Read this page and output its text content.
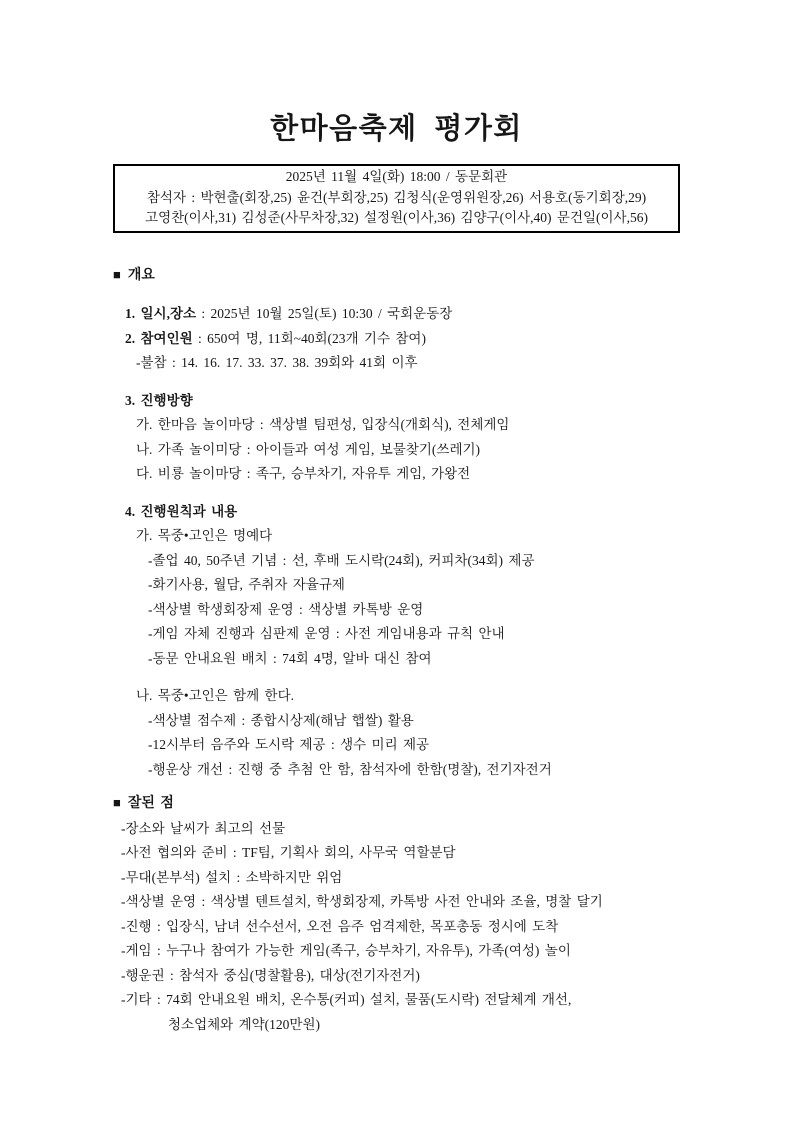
한마음축제 평가회
2025년 11월 4일(화) 18:00 / 동문회관
참석자 : 박현출(회장,25) 윤건(부회장,25) 김청식(운영위원장,26) 서용호(동기회장,29)
고영찬(이사,31) 김성준(사무차장,32) 설정원(이사,36) 김양구(이사,40) 문건일(이사,56)
■ 개요
1. 일시,장소 : 2025년 10월 25일(토) 10:30 / 국회운동장
2. 참여인원 : 650여 명, 11회~40회(23개 기수 참여)
-불참 : 14. 16. 17. 33. 37. 38. 39회와 41회 이후
3. 진행방향
가. 한마음 놀이마당 : 색상별 팀편성, 입장식(개회식), 전체게임
나. 가족 놀이미당 : 아이들과 여성 게임, 보물찾기(쓰레기)
다. 비룡 놀이마당 : 족구, 승부차기, 자유투 게임, 가왕전
4. 진행원칙과 내용
가. 목중•고인은 명예다
-졸업 40, 50주년 기념 : 선, 후배 도시락(24회), 커피차(34회) 제공
-화기사용, 월담, 주취자 자율규제
-색상별 학생회장제 운영 : 색상별 카톡방 운영
-게임 자체 진행과 심판제 운영 : 사전 게임내용과 규칙 안내
-동문 안내요원 배치 : 74회 4명, 알바 대신 참여
나. 목중•고인은 함께 한다.
-색상별 점수제 : 종합시상제(해남 햅쌀) 활용
-12시부터 음주와 도시락 제공 : 생수 미리 제공
-행운상 개선 : 진행 중 추첨 안 함, 참석자에 한함(명찰), 전기자전거
■ 잘된 점
-장소와 날씨가 최고의 선물
-사전 협의와 준비 : TF팀, 기획사 회의, 사무국 역할분담
-무대(본부석) 설치 : 소박하지만 위엄
-색상별 운영 : 색상별 텐트설치, 학생회장제, 카톡방 사전 안내와 조율, 명찰 달기
-진행 : 입장식, 남녀 선수선서, 오전 음주 엄격제한, 목포총동 정시에 도착
-게임 : 누구나 참여가 가능한 게임(족구, 승부차기, 자유투), 가족(여성) 놀이
-행운권 : 참석자 중심(명찰활용), 대상(전기자전거)
-기타 : 74회 안내요원 배치, 온수통(커피) 설치, 물품(도시락) 전달체계 개선,
청소업체와 계약(120만원)
